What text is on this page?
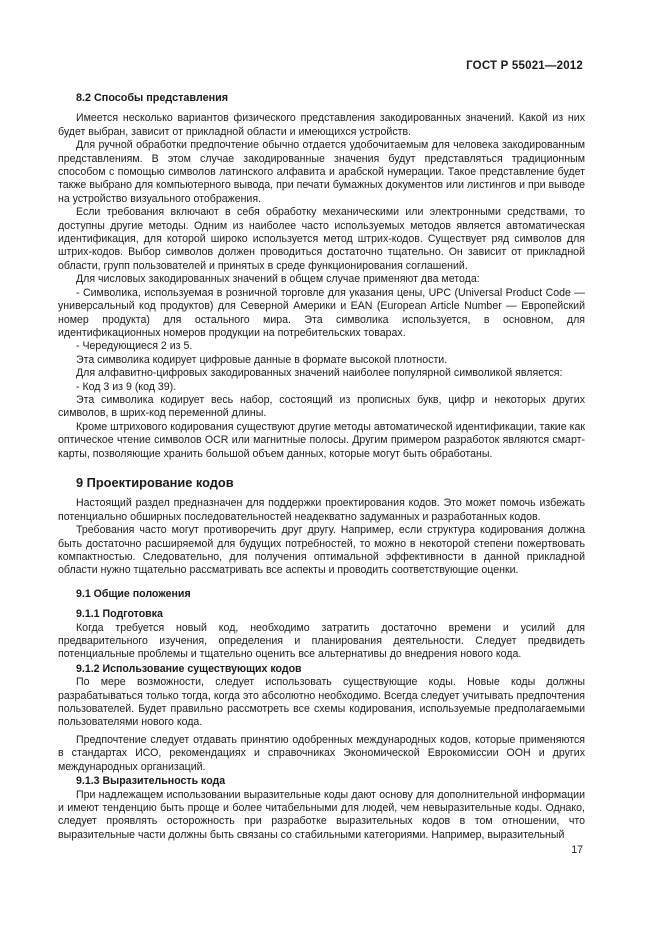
ГОСТ Р 55021—2012
8.2 Способы представления

Имеется несколько вариантов физического представления закодированных значений. Какой из них будет выбран, зависит от прикладной области и имеющихся устройств.

Для ручной обработки предпочтение обычно отдается удобочитаемым для человека закодированным представлениям. В этом случае закодированные значения будут представляться традиционным способом с помощью символов латинского алфавита и арабской нумерации. Такое представление будет также выбрано для компьютерного вывода, при печати бумажных документов или листингов и при выводе на устройство визуального отображения.

Если требования включают в себя обработку механическими или электронными средствами, то доступны другие методы. Одним из наиболее часто используемых методов является автоматическая идентификация, для которой широко используется метод штрих-кодов. Существует ряд символов для штрих-кодов. Выбор символов должен проводиться достаточно тщательно. Он зависит от прикладной области, групп пользователей и принятых в среде функционирования соглашений.

Для числовых закодированных значений в общем случае применяют два метода:

- Символика, используемая в розничной торговле для указания цены, UPC (Universal Product Code — универсальный код продуктов) для Северной Америки и EAN (European Article Number — Европейский номер продукта) для остального мира. Эта символика используется, в основном, для идентификационных номеров продукции на потребительских товарах.

- Чередующиеся 2 из 5.

Эта символика кодирует цифровые данные в формате высокой плотности.

Для алфавитно-цифровых закодированных значений наиболее популярной символикой является:

- Код 3 из 9 (код 39).

Эта символика кодирует весь набор, состоящий из прописных букв, цифр и некоторых других символов, в шрих-код переменной длины.

Кроме штрихового кодирования существуют другие методы автоматической идентификации, такие как оптическое чтение символов OCR или магнитные полосы. Другим примером разработок являются смарт-карты, позволяющие хранить большой объем данных, которые могут быть обработаны.

9 Проектирование кодов

Настоящий раздел предназначен для поддержки проектирования кодов. Это может помочь избежать потенциально обширных последовательностей неадекватно задуманных и разработанных кодов.

Требования часто могут противоречить друг другу. Например, если структура кодирования должна быть достаточно расширяемой для будущих потребностей, то можно в некоторой степени пожертвовать компактностью. Следовательно, для получения оптимальной эффективности в данной прикладной области нужно тщательно рассматривать все аспекты и проводить соответствующие оценки.

9.1 Общие положения
9.1.1 Подготовка

Когда требуется новый код, необходимо затратить достаточно времени и усилий для предварительного изучения, определения и планирования деятельности. Следует предвидеть потенциальные проблемы и тщательно оценить все альтернативы до внедрения нового кода.

9.1.2 Использование существующих кодов

По мере возможности, следует использовать существующие коды. Новые коды должны разрабатываться только тогда, когда это абсолютно необходимо. Всегда следует учитывать предпочтения пользователей. Будет правильно рассмотреть все схемы кодирования, используемые предполагаемыми пользователями нового кода.

Предпочтение следует отдавать принятию одобренных международных кодов, которые применяются в стандартах ИСО, рекомендациях и справочниках Экономической Еврокомиссии ООН и других международных организаций.

9.1.3 Выразительность кода

При надлежащем использовании выразительные коды дают основу для дополнительной информации и имеют тенденцию быть проще и более читабельными для людей, чем невыразительные коды. Однако, следует проявлять осторожность при разработке выразительных кодов в том отношении, что выразительные части должны быть связаны со стабильными категориями. Например, выразительный

17
